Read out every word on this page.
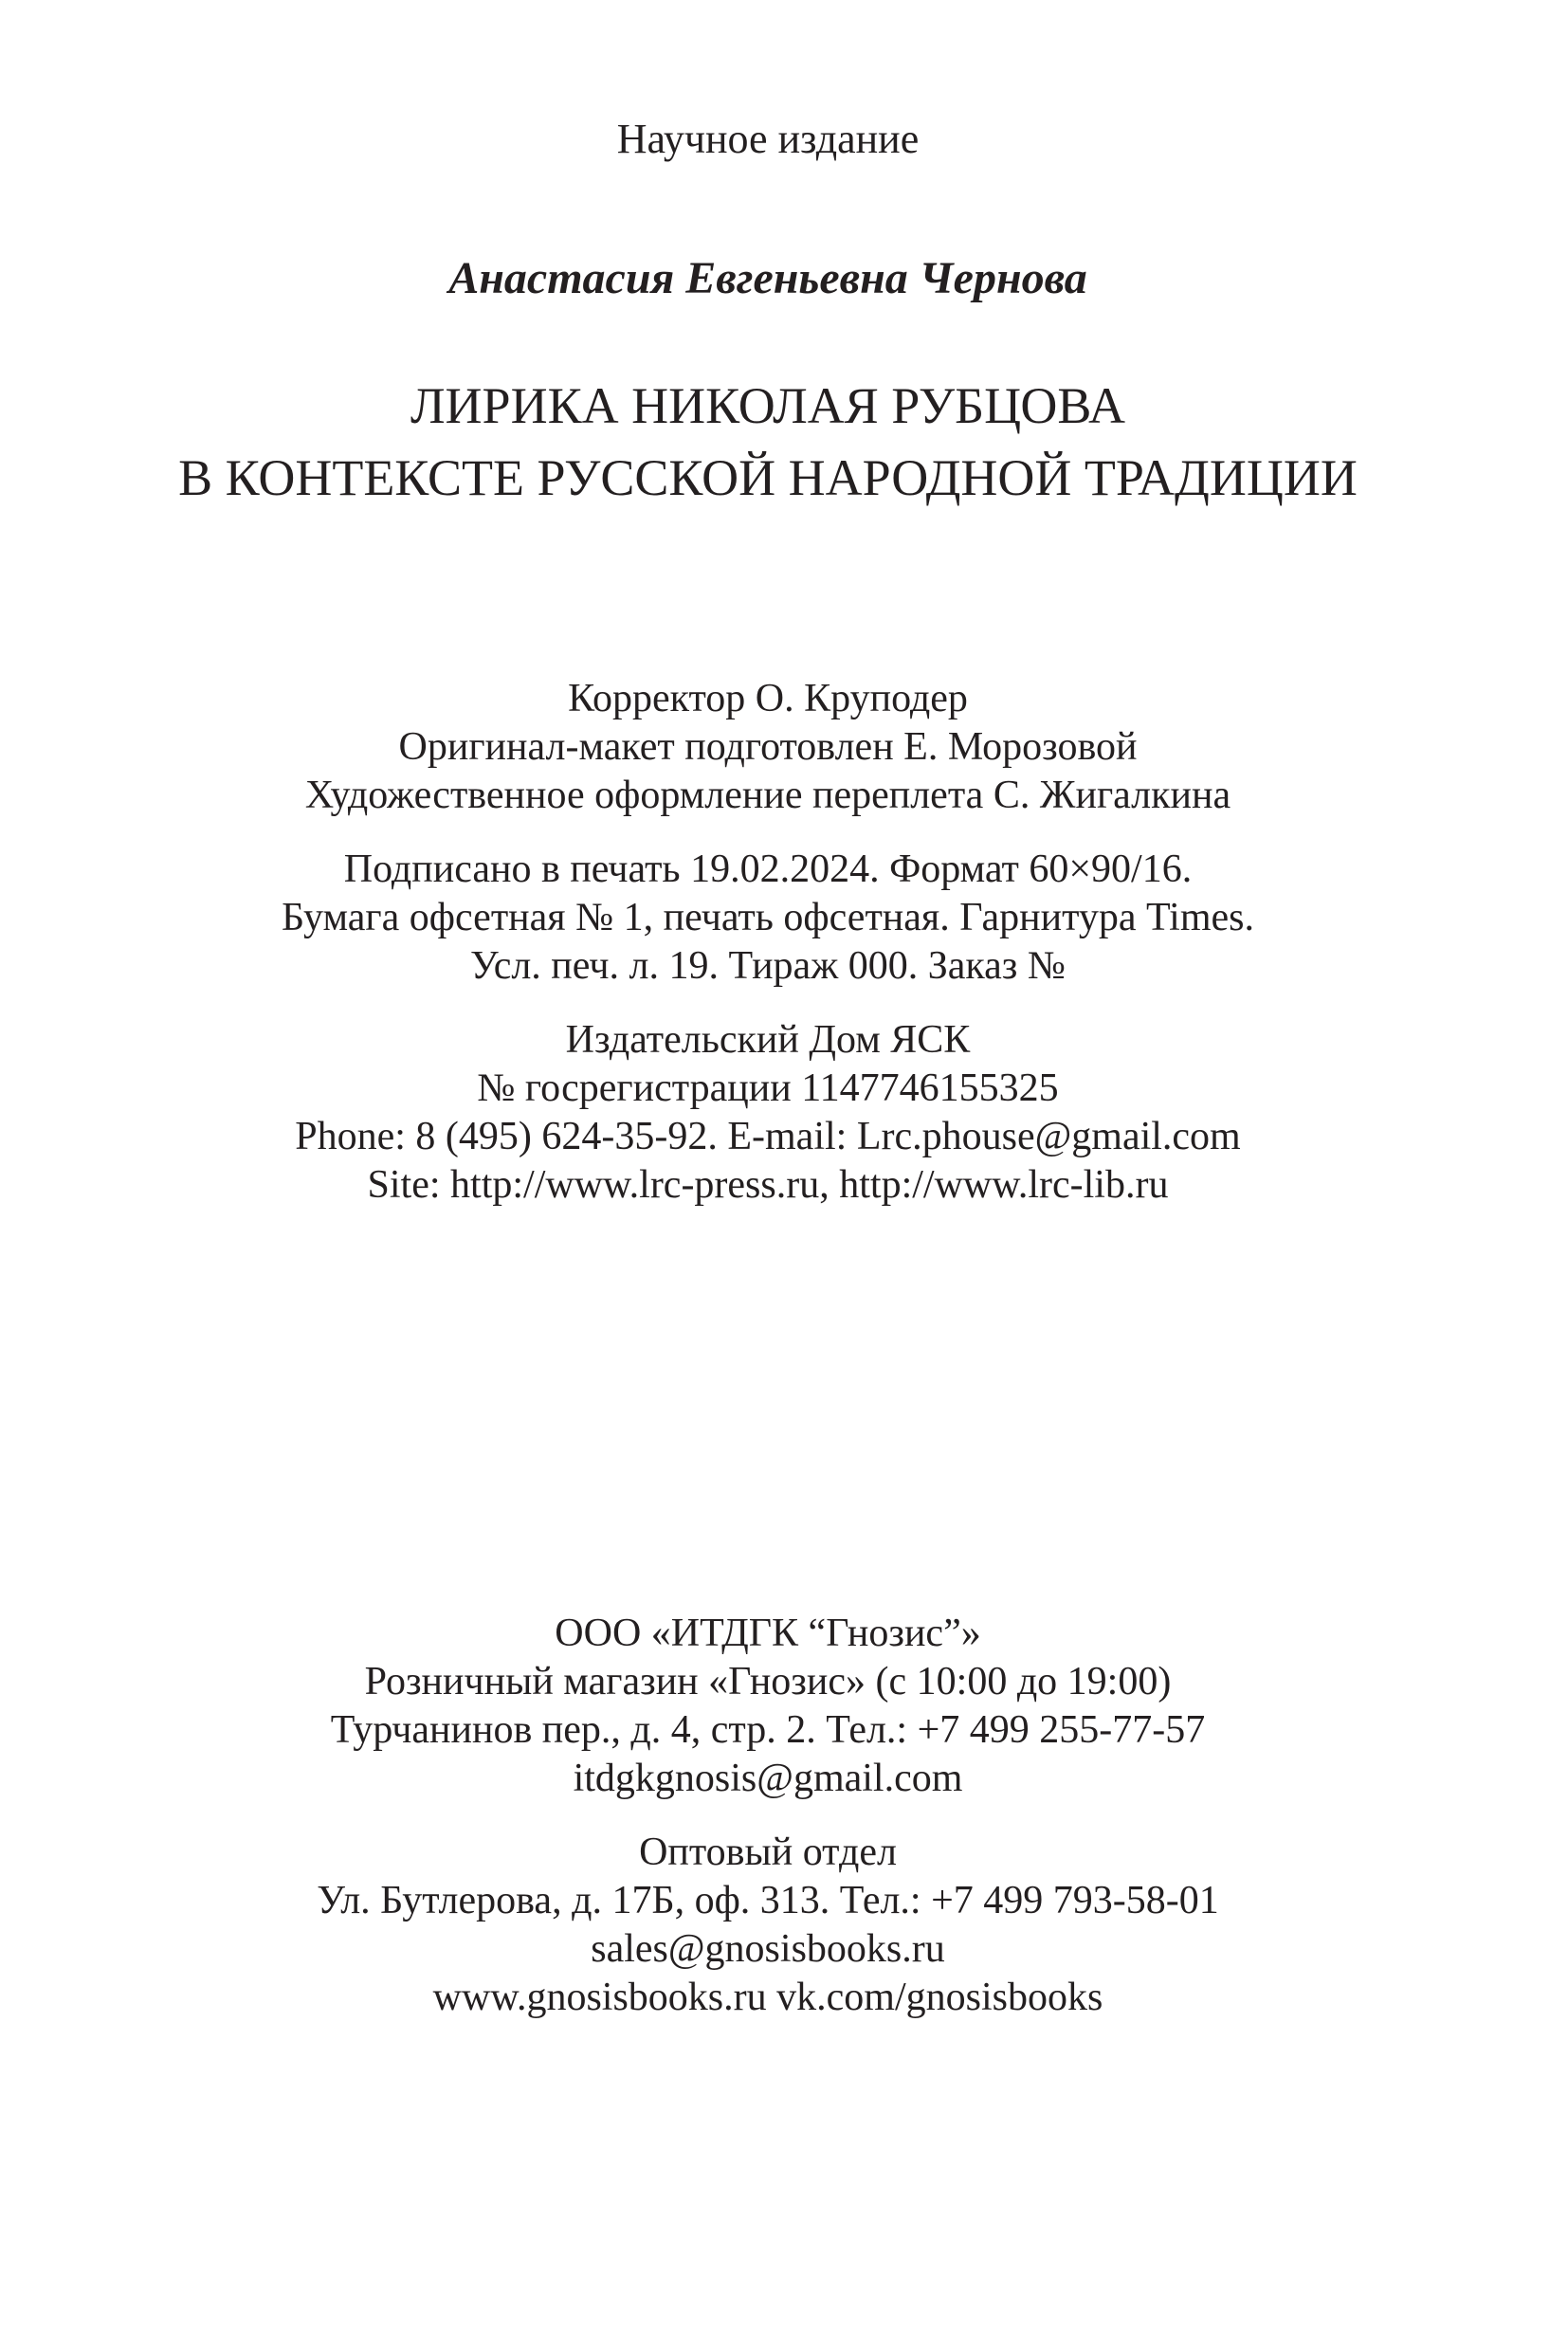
Научное издание
Анастасия Евгеньевна Чернова
ЛИРИКА НИКОЛАЯ РУБЦОВА
В КОНТЕКСТЕ РУССКОЙ НАРОДНОЙ ТРАДИЦИИ
Корректор О. Круподер
Оригинал-макет подготовлен Е. Морозовой
Художественное оформление переплета С. Жигалкина
Подписано в печать 19.02.2024. Формат 60×90/16.
Бумага офсетная № 1, печать офсетная. Гарнитура Times.
Усл. печ. л. 19. Тираж 000. Заказ №
Издательский Дом ЯСК
№ госрегистрации 1147746155325
Phone: 8 (495) 624-35-92. E-mail: Lrc.phouse@gmail.com
Site: http://www.lrc-press.ru, http://www.lrc-lib.ru
ООО «ИТДГК “Гнозис”»
Розничный магазин «Гнозис» (с 10:00 до 19:00)
Турчанинов пер., д. 4, стр. 2. Тел.: +7 499 255-77-57
itdgkgnosis@gmail.com
Оптовый отдел
Ул. Бутлерова, д. 17Б, оф. 313. Тел.: +7 499 793-58-01
sales@gnosisbooks.ru
www.gnosisbooks.ru vk.com/gnosisbooks
